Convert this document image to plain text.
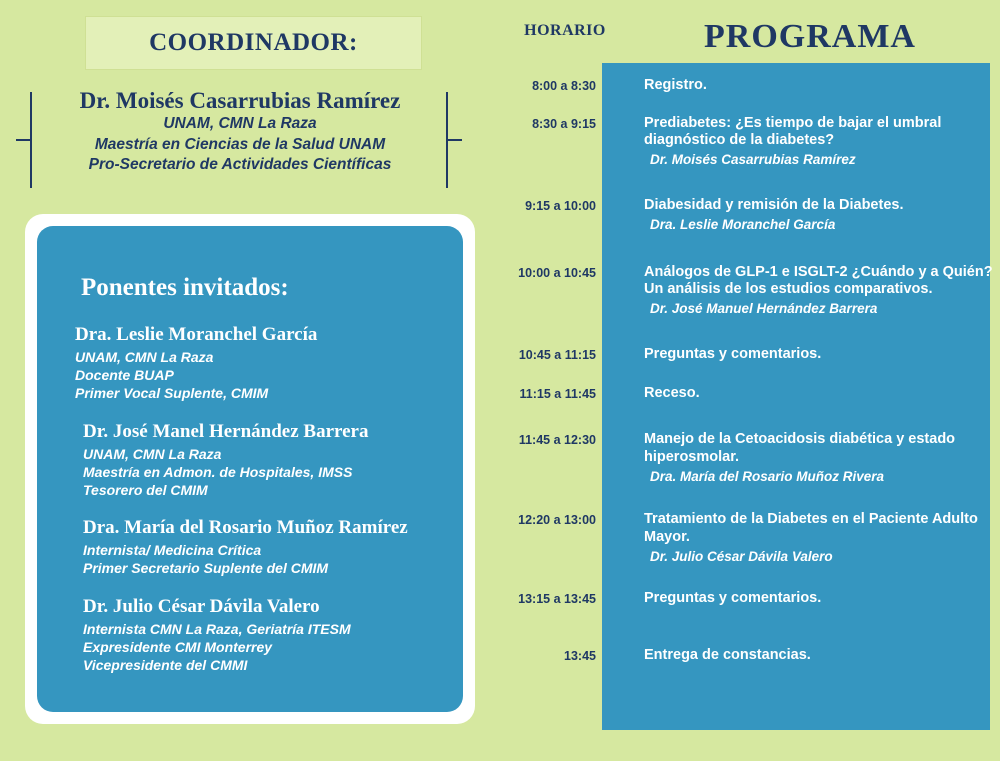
COORDINADOR:
Dr. Moisés Casarrubias Ramírez
UNAM, CMN La Raza
Maestría en Ciencias de la Salud UNAM
Pro-Secretario de Actividades Científicas
Ponentes invitados:
Dra. Leslie Moranchel García
UNAM, CMN La Raza
Docente BUAP
Primer Vocal Suplente, CMIM
Dr. José Manel Hernández Barrera
UNAM, CMN La Raza
Maestría en Admon. de Hospitales, IMSS
Tesorero del CMIM
Dra. María del Rosario Muñoz Ramírez
Internista/ Medicina Crítica
Primer Secretario Suplente del CMIM
Dr. Julio César Dávila Valero
Internista CMN La Raza, Geriatría ITESM
Expresidente CMI Monterrey
Vicepresidente del CMMI
HORARIO	PROGRAMA
8:00 a 8:30	Registro.
8:30 a 9:15	Prediabetes: ¿Es tiempo de bajar el umbral diagnóstico de la diabetes?
Dr. Moisés Casarrubias Ramírez
9:15 a 10:00	Diabesidad y remisión de la Diabetes.
Dra. Leslie Moranchel García
10:00 a 10:45	Análogos de GLP-1 e ISGLT-2 ¿Cuándo y a Quién? Un análisis de los estudios comparativos.
Dr. José Manuel Hernández Barrera
10:45 a 11:15	Preguntas y comentarios.
11:15 a 11:45	Receso.
11:45 a 12:30	Manejo de la Cetoacidosis diabética y estado hiperosmolar.
Dra. María del Rosario Muñoz Rivera
12:20 a 13:00	Tratamiento de la Diabetes en el Paciente Adulto Mayor.
Dr. Julio César Dávila Valero
13:15 a 13:45	Preguntas y comentarios.
13:45	Entrega de constancias.
